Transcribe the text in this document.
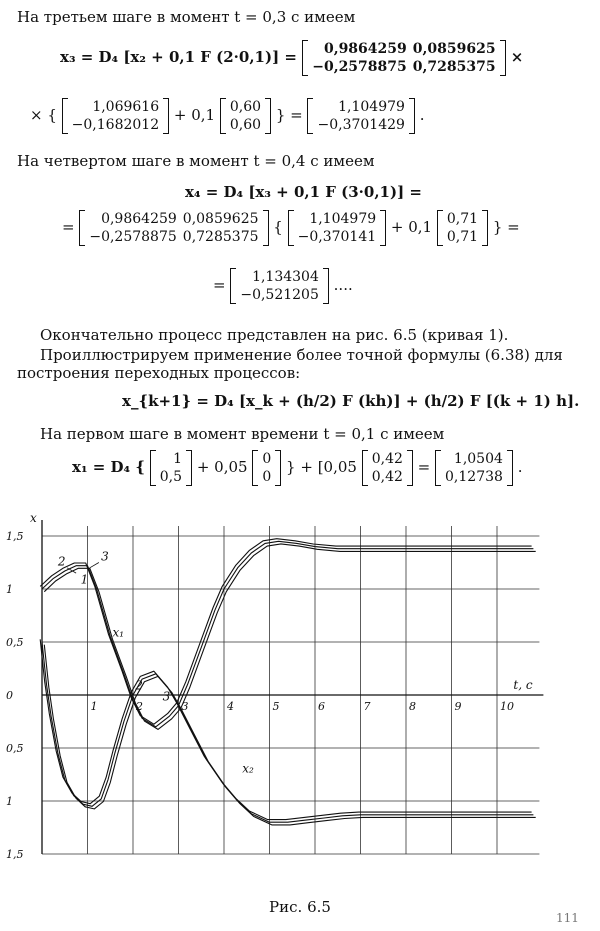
На третьем шаге в момент t = 0,3 с имеем
x₃ = D₄ [x₂ + 0,1 F (2·0,1)] = 0,9864259	0,0859625
−0,2578875	0,7285375
×
× {	1,069616
−0,1682012
+ 0,1 0,60
0,60
} = 1,104979
−0,3701429
.
На четвертом шаге в момент t = 0,4 с имеем
x₄ = D₄ [x₃ + 0,1 F (3·0,1)] =
= 0,9864259	0,0859625
−0,2578875	0,7285375
{ 1,104979
−0,370141
+ 0,1 0,71
0,71
} =
= 1,134304
−0,521205
....
Окончательно процесс представлен на рис. 6.5 (кривая 1).
Проиллюстрируем применение более точной формулы (6.38) для
построения переходных процессов:
x_{k+1} = D₄ [x_k + (h/2) F (kh)] + (h/2) F [(k + 1) h].
На первом шаге в момент времени t = 0,1 с имеем
x₁ = D₄ { 1
0,5
+ 0,05 0
0
} + [0,05 0,42
0,42
= 1,0504
0,12738
.
1	2	3	4	5	6	7	8	9	10
1,5
1
0,5
0
0,5
1
1,5
x
t, с
1
2	3
x₁
x₂
2
3
Рис. 6.5
111
